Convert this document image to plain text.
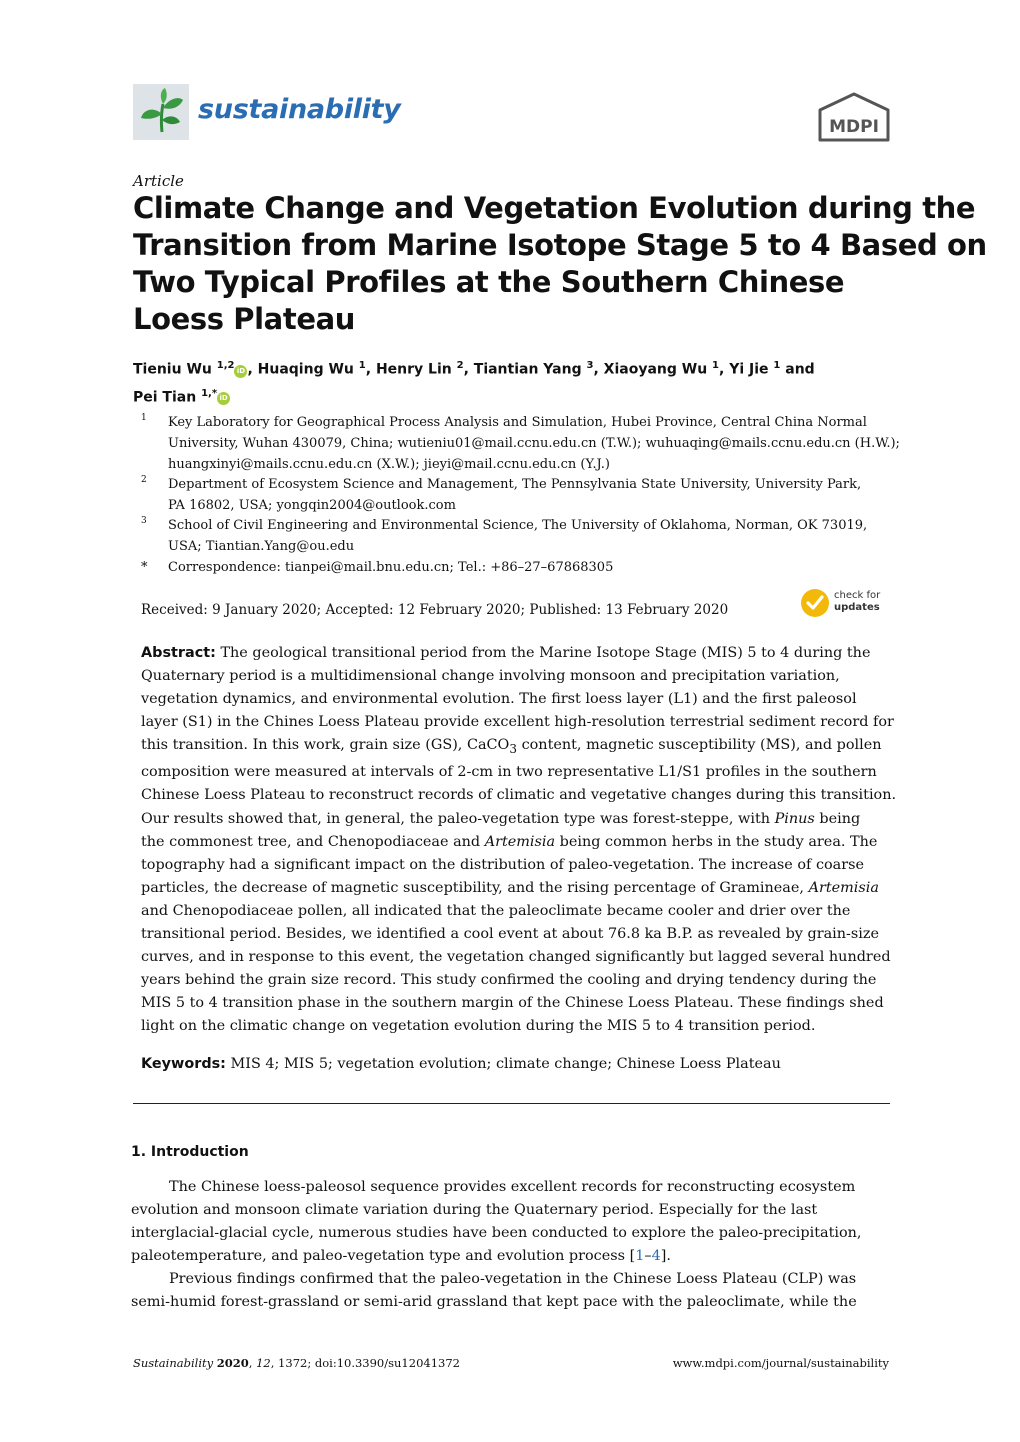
sustainability
MDPI
Article
Climate Change and Vegetation Evolution during the
Transition from Marine Isotope Stage 5 to 4 Based on
Two Typical Profiles at the Southern Chinese
Loess Plateau
Tieniu Wu $^{1,2}$ iD , Huaqing Wu $^1$, Henry Lin $^2$, Tiantian Yang $^3$, Xiaoyang Wu $^1$, Yi Jie $^1$ and
Pei Tian $^{1,*}$ iD
1 Key Laboratory for Geographical Process Analysis and Simulation, Hubei Province, Central China Normal
University, Wuhan 430079, China; wutieniu01@mail.ccnu.edu.cn (T.W.); wuhuaqing@mails.ccnu.edu.cn (H.W.);
huangxinyi@mails.ccnu.edu.cn (X.W.); jieyi@mail.ccnu.edu.cn (Y.J.)
2 Department of Ecosystem Science and Management, The Pennsylvania State University, University Park,
PA 16802, USA; yongqin2004@outlook.com
3 School of Civil Engineering and Environmental Science, The University of Oklahoma, Norman, OK 73019,
USA; Tiantian.Yang@ou.edu
* Correspondence: tianpei@mail.bnu.edu.cn; Tel.: +86–27–67868305
Received: 9 January 2020; Accepted: 12 February 2020; Published: 13 February 2020
check for
updates
Abstract: The geological transitional period from the Marine Isotope Stage (MIS) 5 to 4 during the
Quaternary period is a multidimensional change involving monsoon and precipitation variation,
vegetation dynamics, and environmental evolution. The first loess layer (L1) and the first paleosol
layer (S1) in the Chines Loess Plateau provide excellent high-resolution terrestrial sediment record for
this transition. In this work, grain size (GS), CaCO$_3$ content, magnetic susceptibility (MS), and pollen
composition were measured at intervals of 2-cm in two representative L1/S1 profiles in the southern
Chinese Loess Plateau to reconstruct records of climatic and vegetative changes during this transition.
Our results showed that, in general, the paleo-vegetation type was forest-steppe, with Pinus being
the commonest tree, and Chenopodiaceae and Artemisia being common herbs in the study area. The
topography had a significant impact on the distribution of paleo-vegetation. The increase of coarse
particles, the decrease of magnetic susceptibility, and the rising percentage of Gramineae, Artemisia
and Chenopodiaceae pollen, all indicated that the paleoclimate became cooler and drier over the
transitional period. Besides, we identified a cool event at about 76.8 ka B.P. as revealed by grain-size
curves, and in response to this event, the vegetation changed significantly but lagged several hundred
years behind the grain size record. This study confirmed the cooling and drying tendency during the
MIS 5 to 4 transition phase in the southern margin of the Chinese Loess Plateau. These findings shed
light on the climatic change on vegetation evolution during the MIS 5 to 4 transition period.
Keywords: MIS 4; MIS 5; vegetation evolution; climate change; Chinese Loess Plateau
1. Introduction
The Chinese loess-paleosol sequence provides excellent records for reconstructing ecosystem
evolution and monsoon climate variation during the Quaternary period. Especially for the last
interglacial-glacial cycle, numerous studies have been conducted to explore the paleo-precipitation,
paleotemperature, and paleo-vegetation type and evolution process [1–4].
Previous findings confirmed that the paleo-vegetation in the Chinese Loess Plateau (CLP) was
semi-humid forest-grassland or semi-arid grassland that kept pace with the paleoclimate, while the
Sustainability 2020, 12, 1372; doi:10.3390/su12041372	www.mdpi.com/journal/sustainability
